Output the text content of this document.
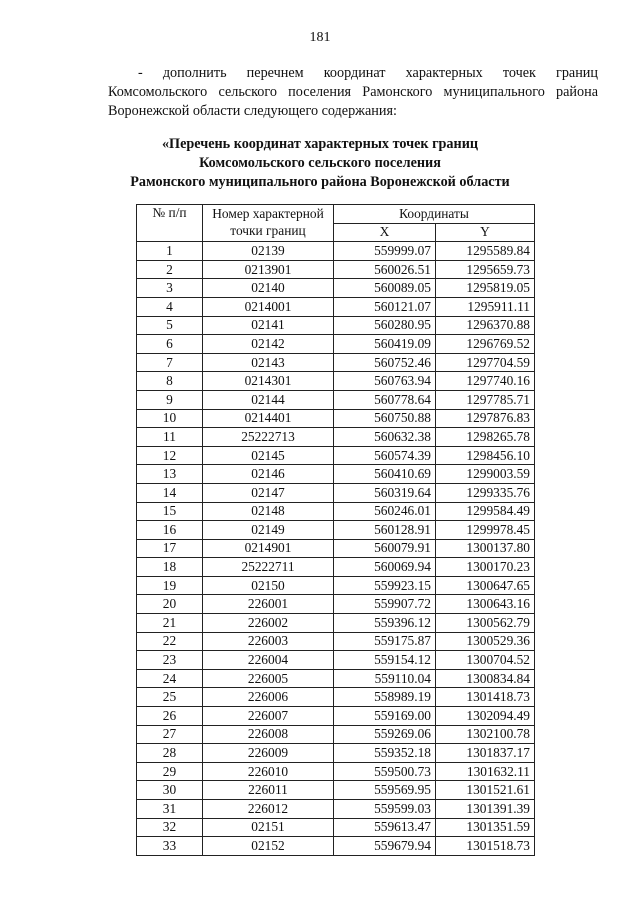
181

- дополнить перечнем координат характерных точек границ Комсомольского сельского поселения Рамонского муниципального района Воронежской области следующего содержания:

«Перечень координат характерных точек границ
Комсомольского сельского поселения
Рамонского муниципального района Воронежской области
№ п/п	Номер характерной точки границ	Координаты	
		X	Y
1	02139	559999.07	1295589.84
2	0213901	560026.51	1295659.73
3	02140	560089.05	1295819.05
4	0214001	560121.07	1295911.11
5	02141	560280.95	1296370.88
6	02142	560419.09	1296769.52
7	02143	560752.46	1297704.59
8	0214301	560763.94	1297740.16
9	02144	560778.64	1297785.71
10	0214401	560750.88	1297876.83
11	25222713	560632.38	1298265.78
12	02145	560574.39	1298456.10
13	02146	560410.69	1299003.59
14	02147	560319.64	1299335.76
15	02148	560246.01	1299584.49
16	02149	560128.91	1299978.45
17	0214901	560079.91	1300137.80
18	25222711	560069.94	1300170.23
19	02150	559923.15	1300647.65
20	226001	559907.72	1300643.16
21	226002	559396.12	1300562.79
22	226003	559175.87	1300529.36
23	226004	559154.12	1300704.52
24	226005	559110.04	1300834.84
25	226006	558989.19	1301418.73
26	226007	559169.00	1302094.49
27	226008	559269.06	1302100.78
28	226009	559352.18	1301837.17
29	226010	559500.73	1301632.11
30	226011	559569.95	1301521.61
31	226012	559599.03	1301391.39
32	02151	559613.47	1301351.59
33	02152	559679.94	1301518.73
